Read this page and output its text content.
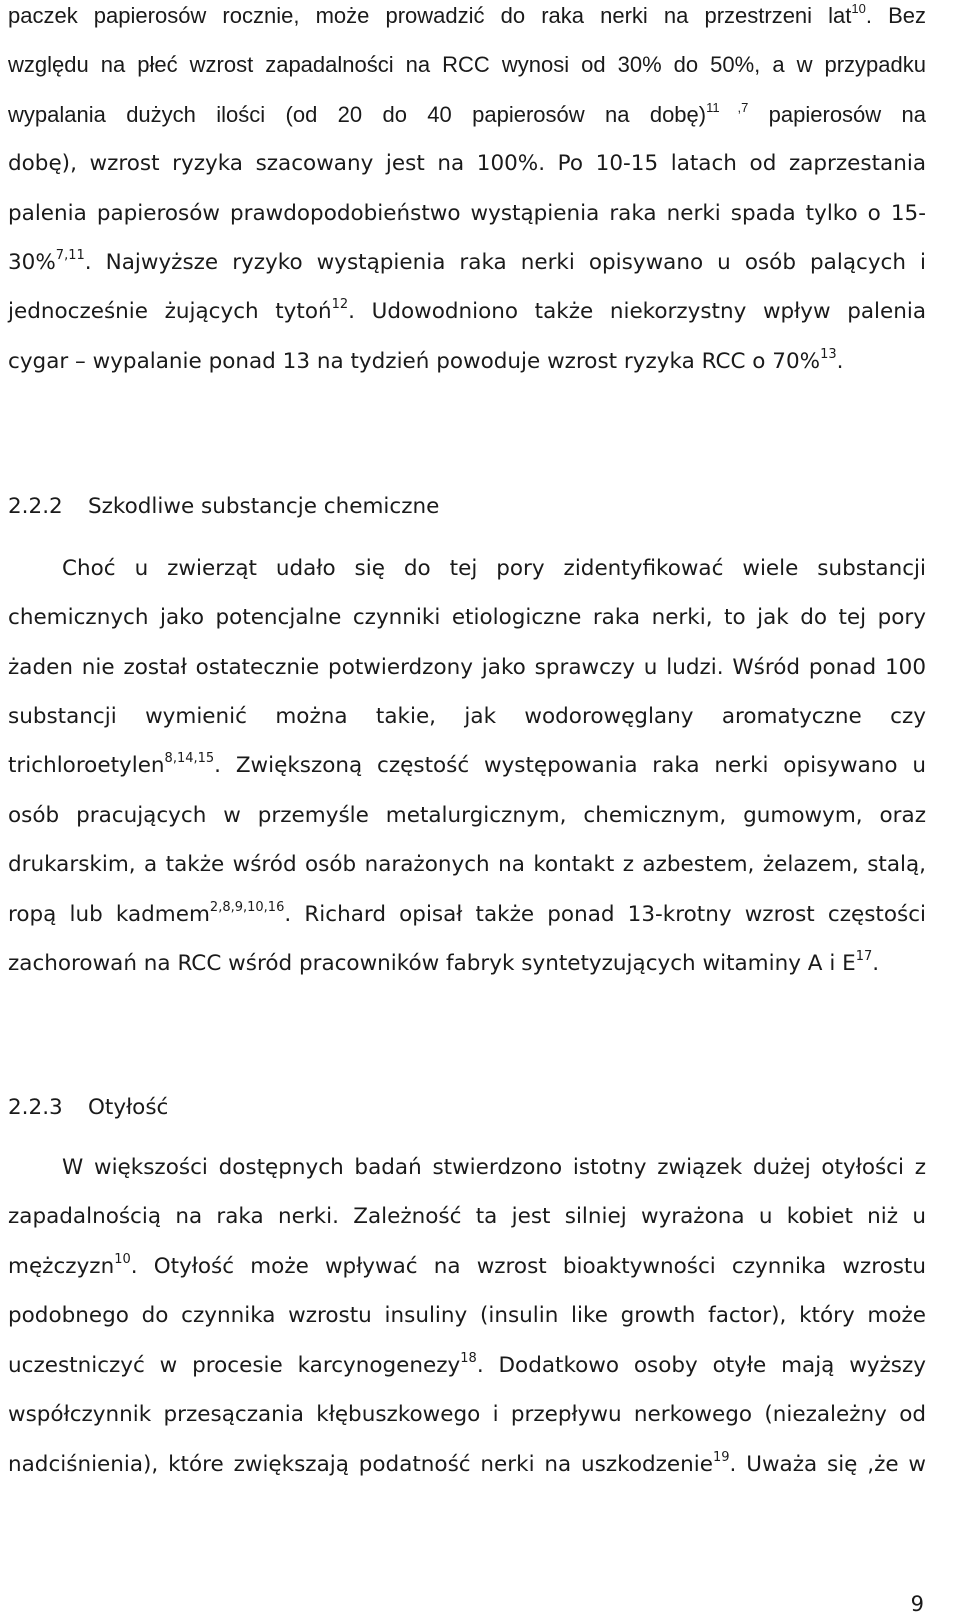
paczek papierosów rocznie, może prowadzić do raka nerki na przestrzeni lat$^{10}$. Bez
względu na płeć wzrost zapadalności na RCC wynosi od 30% do 50%, a w przypadku
wypalania dużych ilości (od 20 do 40 papierosów na dobę)$^{11 ,7}$ papierosów na
dobę), wzrost ryzyka szacowany jest na 100%. Po 10-15 latach od zaprzestania
palenia papierosów prawdopodobieństwo wystąpienia raka nerki spada tylko o 15-
30%$^{7,11}$. Najwyższe ryzyko wystąpienia raka nerki opisywano u osób palących i
jednocześnie żujących tytoń$^{12}$. Udowodniono także niekorzystny wpływ palenia
cygar – wypalanie ponad 13 na tydzień powoduje wzrost ryzyka RCC o 70%$^{13}$.
2.2.2 Szkodliwe substancje chemiczne
Choć u zwierząt udało się do tej pory zidentyfikować wiele substancji
chemicznych jako potencjalne czynniki etiologiczne raka nerki, to jak do tej pory
żaden nie został ostatecznie potwierdzony jako sprawczy u ludzi. Wśród ponad 100
substancji wymienić można takie, jak wodorowęglany aromatyczne czy
trichloroetylen$^{8,14,15}$. Zwiększoną częstość występowania raka nerki opisywano u
osób pracujących w przemyśle metalurgicznym, chemicznym, gumowym, oraz
drukarskim, a także wśród osób narażonych na kontakt z azbestem, żelazem, stalą,
ropą lub kadmem$^{2,8,9,10,16}$. Richard opisał także ponad 13-krotny wzrost częstości
zachorowań na RCC wśród pracowników fabryk syntetyzujących witaminy A i $E^{17}$.
2.2.3 Otyłość
W większości dostępnych badań stwierdzono istotny związek dużej otyłości z
zapadalnością na raka nerki. Zależność ta jest silniej wyrażona u kobiet niż u
mężczyzn$^{10}$. Otyłość może wpływać na wzrost bioaktywności czynnika wzrostu
podobnego do czynnika wzrostu insuliny (insulin like growth factor), który może
uczestniczyć w procesie karcynogenezy$^{18}$. Dodatkowo osoby otyłe mają wyższy
współczynnik przesączania kłębuszkowego i przepływu nerkowego (niezależny od
nadciśnienia), które zwiększają podatność nerki na uszkodzenie$^{19}$. Uważa się ,że w
9
